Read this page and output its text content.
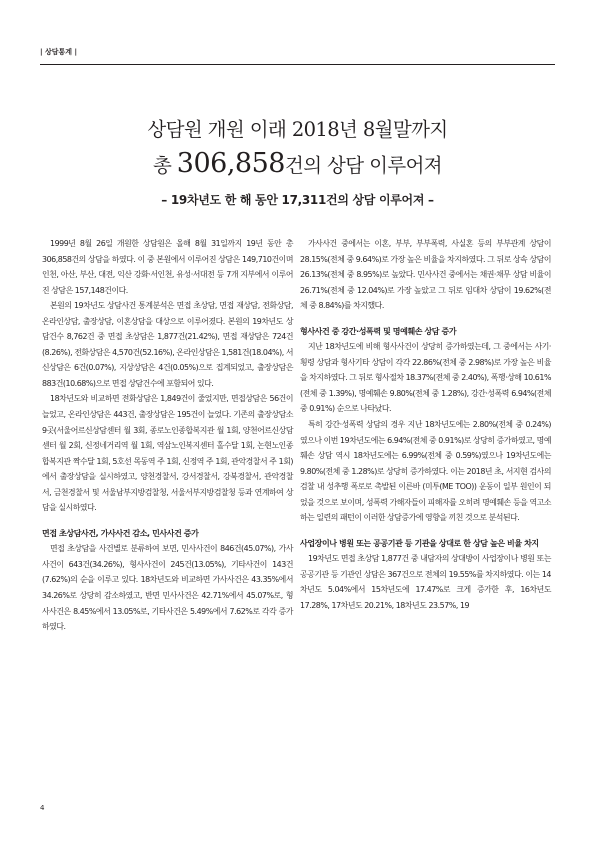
| 상담통계 |
상담원 개원 이래 2018년 8월말까지
총 306,858건의 상담 이루어져
– 19차년도 한 해 동안 17,311건의 상담 이루어져 –

1999년 8월 26일 개원한 상담원은 올해 8월 31일까지 19년 동안 총 306,858건의 상담을 하였다. 이 중 본원에서 이루어진 상담은 149,710건이며 인천, 아산, 부산, 대전, 익산 강화·서인천, 유성·서대전 등 7개 지부에서 이루어진 상담은 157,148건이다.

본원의 19차년도 상담사건 통계분석은 면접 초상담, 면접 재상담, 전화상담, 온라인상담, 출장상담, 이혼상담을 대상으로 이루어졌다. 본원의 19차년도 상담건수 8,762건 중 면접 초상담은 1,877건(21.42%), 면접 재상담은 724건(8.26%), 전화상담은 4,570건(52.16%), 온라인상담은 1,581건(18.04%), 서신상담은 6건(0.07%), 지상상담은 4건(0.05%)으로 집계되었고, 출장상담은 883건(10.68%)으로 면접 상담건수에 포함되어 있다.

18차년도와 비교하면 전화상담은 1,849건이 줄었지만, 면접상담은 56건이 늘었고, 온라인상담은 443건, 출장상담은 195건이 늘었다. 기존의 출장상담소 9곳(서울어르신상담센터 월 3회, 종로노인종합복지관 월 1회, 양천어르신상담센터 월 2회, 신정네거리역 월 1회, 역삼노인복지센터 홀수달 1회, 논현노인종합복지관 짝수달 1회, 5호선 목동역 주 1회, 신정역 주 1회, 관악경찰서 주 1회)에서 출장상담을 실시하였고, 양천경찰서, 강서경찰서, 강북경찰서, 관악경찰서, 금천경찰서 및 서울남부지방검찰청, 서울서부지방검찰청 등과 연계하여 상담을 실시하였다.

면접 초상담사건, 가사사건 감소, 민사사건 증가

면접 초상담을 사건별로 분류하여 보면, 민사사건이 846건(45.07%), 가사사건이 643건(34.26%), 형사사건이 245건(13.05%), 기타사건이 143건(7.62%)의 순을 이루고 있다. 18차년도와 비교하면 가사사건은 43.35%에서 34.26%로 상당히 감소하였고, 반면 민사사건은 42.71%에서 45.07%로, 형사사건은 8.45%에서 13.05%로, 기타사건은 5.49%에서 7.62%로 각각 증가하였다.

가사사건 중에서는 이혼, 부부, 부부폭력, 사실혼 등의 부부관계 상담이 28.15%(전체 중 9.64%)로 가장 높은 비율을 차지하였다. 그 뒤로 상속 상담이 26.13%(전체 중 8.95%)로 높았다. 민사사건 중에서는 채권·채무 상담 비율이 26.71%(전체 중 12.04%)로 가장 높았고 그 뒤로 임대차 상담이 19.62%(전체 중 8.84%)를 차지했다.

형사사건 중 강간·성폭력 및 명예훼손 상담 증가

지난 18차년도에 비해 형사사건이 상당히 증가하였는데, 그 중에서는 사기·횡령 상담과 형사기타 상담이 각각 22.86%(전체 중 2.98%)로 가장 높은 비율을 차지하였다. 그 뒤로 형사절차 18.37%(전체 중 2.40%), 폭행·상해 10.61%(전체 중 1.39%), 명예훼손 9.80%(전체 중 1.28%), 강간·성폭력 6.94%(전체 중 0.91%) 순으로 나타났다.

특히 강간·성폭력 상담의 경우 지난 18차년도에는 2.80%(전체 중 0.24%)였으나 이번 19차년도에는 6.94%(전체 중 0.91%)로 상당히 증가하였고, 명예훼손 상담 역시 18차년도에는 6.99%(전체 중 0.59%)였으나 19차년도에는 9.80%(전체 중 1.28%)로 상당히 증가하였다. 이는 2018년 초, 서지현 검사의 검찰 내 성추행 폭로로 촉발된 이른바 (미투(ME TOO)) 운동이 일부 원인이 되었을 것으로 보이며, 성폭력 가해자들이 피해자를 오히려 명예훼손 등을 역고소하는 일련의 패턴이 이러한 상담증가에 영향을 끼친 것으로 분석된다.

사업장이나 병원 또는 공공기관 등 기관을 상대로 한 상담 높은 비율 차지

19차년도 면접 초상담 1,877건 중 내담자의 상대방이 사업장이나 병원 또는 공공기관 등 기관인 상담은 367건으로 전체의 19.55%를 차지하였다. 이는 14차년도 5.04%에서 15차년도에 17.47%로 크게 증가한 후, 16차년도 17.28%, 17차년도 20.21%, 18차년도 23.57%, 19

4
